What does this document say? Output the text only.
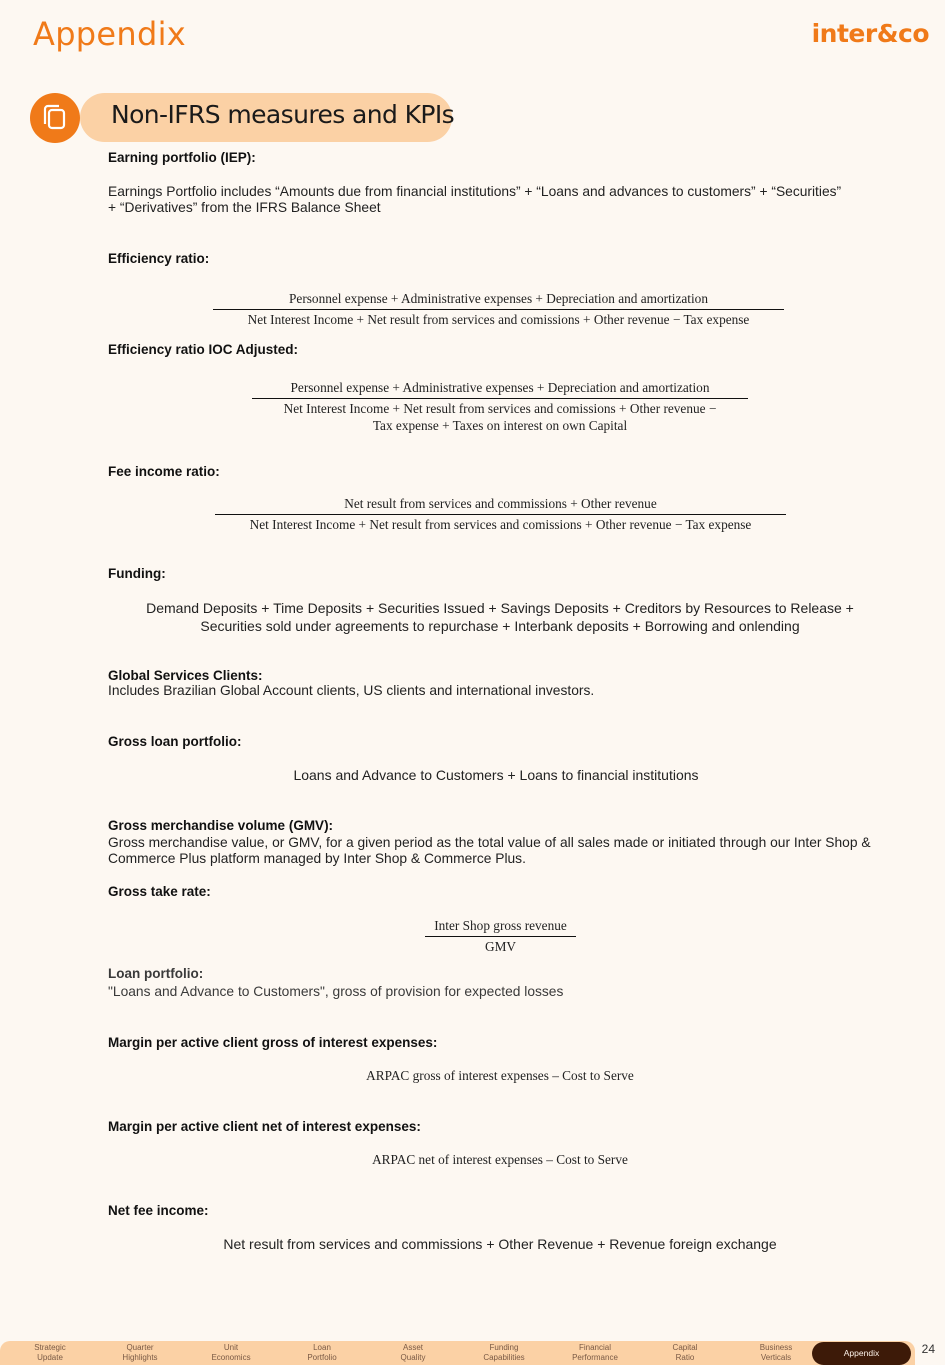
Appendix	inter&co
Non-IFRS measures and KPIs
Earning portfolio (IEP):
Earnings Portfolio includes “Amounts due from financial institutions” + “Loans and advances to customers” + “Securities” + “Derivatives” from the IFRS Balance Sheet
Efficiency ratio:
Personnel expense + Administrative expenses + Depreciation and amortization
Net Interest Income + Net result from services and comissions + Other revenue − Tax expense
Efficiency ratio IOC Adjusted:
Personnel expense + Administrative expenses + Depreciation and amortization
Net Interest Income + Net result from services and comissions + Other revenue −
Tax expense + Taxes on interest on own Capital
Fee income ratio:
Net result from services and commissions + Other revenue
Net Interest Income + Net result from services and comissions + Other revenue − Tax expense
Funding:
Demand Deposits + Time Deposits + Securities Issued + Savings Deposits + Creditors by Resources to Release +
Securities sold under agreements to repurchase + Interbank deposits + Borrowing and onlending
Global Services Clients:
Includes Brazilian Global Account clients, US clients and international investors.
Gross loan portfolio:
Loans and Advance to Customers + Loans to financial institutions
Gross merchandise volume (GMV):
Gross merchandise value, or GMV, for a given period as the total value of all sales made or initiated through our Inter Shop & Commerce Plus platform managed by Inter Shop & Commerce Plus.
Gross take rate:
Inter Shop gross revenue
GMV
Loan portfolio:
"Loans and Advance to Customers", gross of provision for expected losses
Margin per active client gross of interest expenses:
ARPAC gross of interest expenses – Cost to Serve
Margin per active client net of interest expenses:
ARPAC net of interest expenses – Cost to Serve
Net fee income:
Net result from services and commissions + Other Revenue + Revenue foreign exchange
Strategic
Update
Quarter
Highlights
Unit
Economics
Loan
Portfolio
Asset
Quality
Funding
Capabilities
Financial
Performance
Capital
Ratio
Business
Verticals	Appendix	24
